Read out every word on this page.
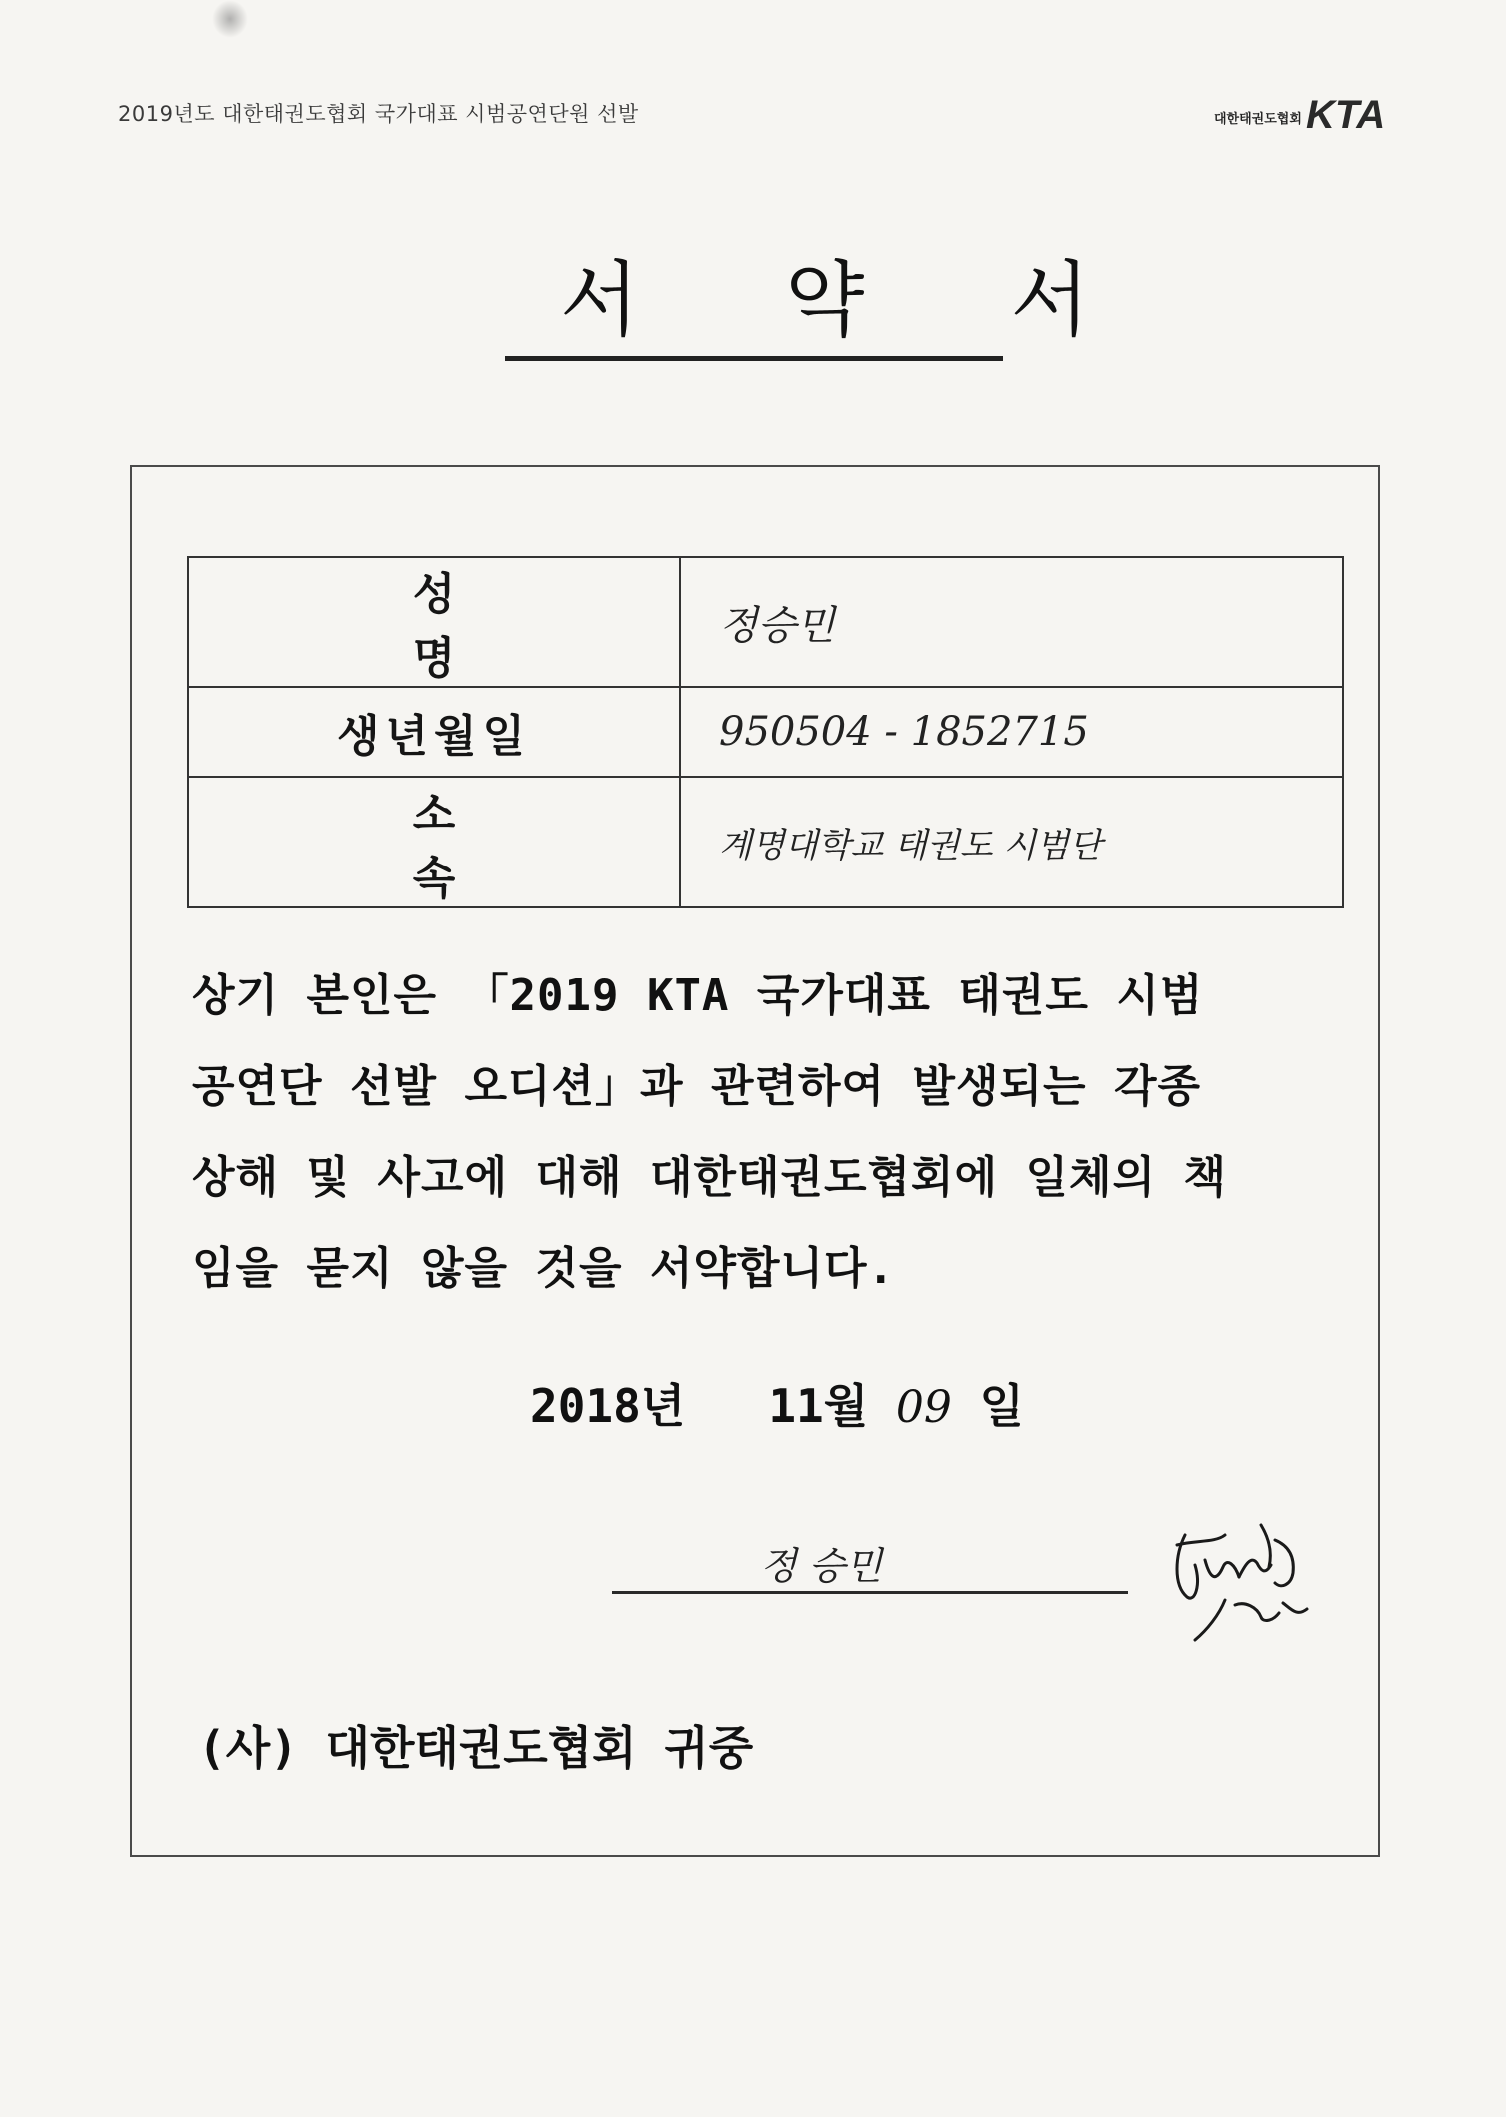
2019년도 대한태권도협회 국가대표 시범공연단원 선발	대한태권도협회 KTA
서 약 서
성 명	정승민
생년월일	950504 - 1852715
소 속	계명대학교 태권도 시범단
상기 본인은 「2019 KTA 국가대표 태권도 시범
공연단 선발 오디션」과 관련하여 발생되는 각종
상해 및 사고에 대해 대한태권도협회에 일체의 책
임을 묻지 않을 것을 서약합니다.
2018년 11월 09 일
정 승민
(사) 대한태권도협회 귀중
